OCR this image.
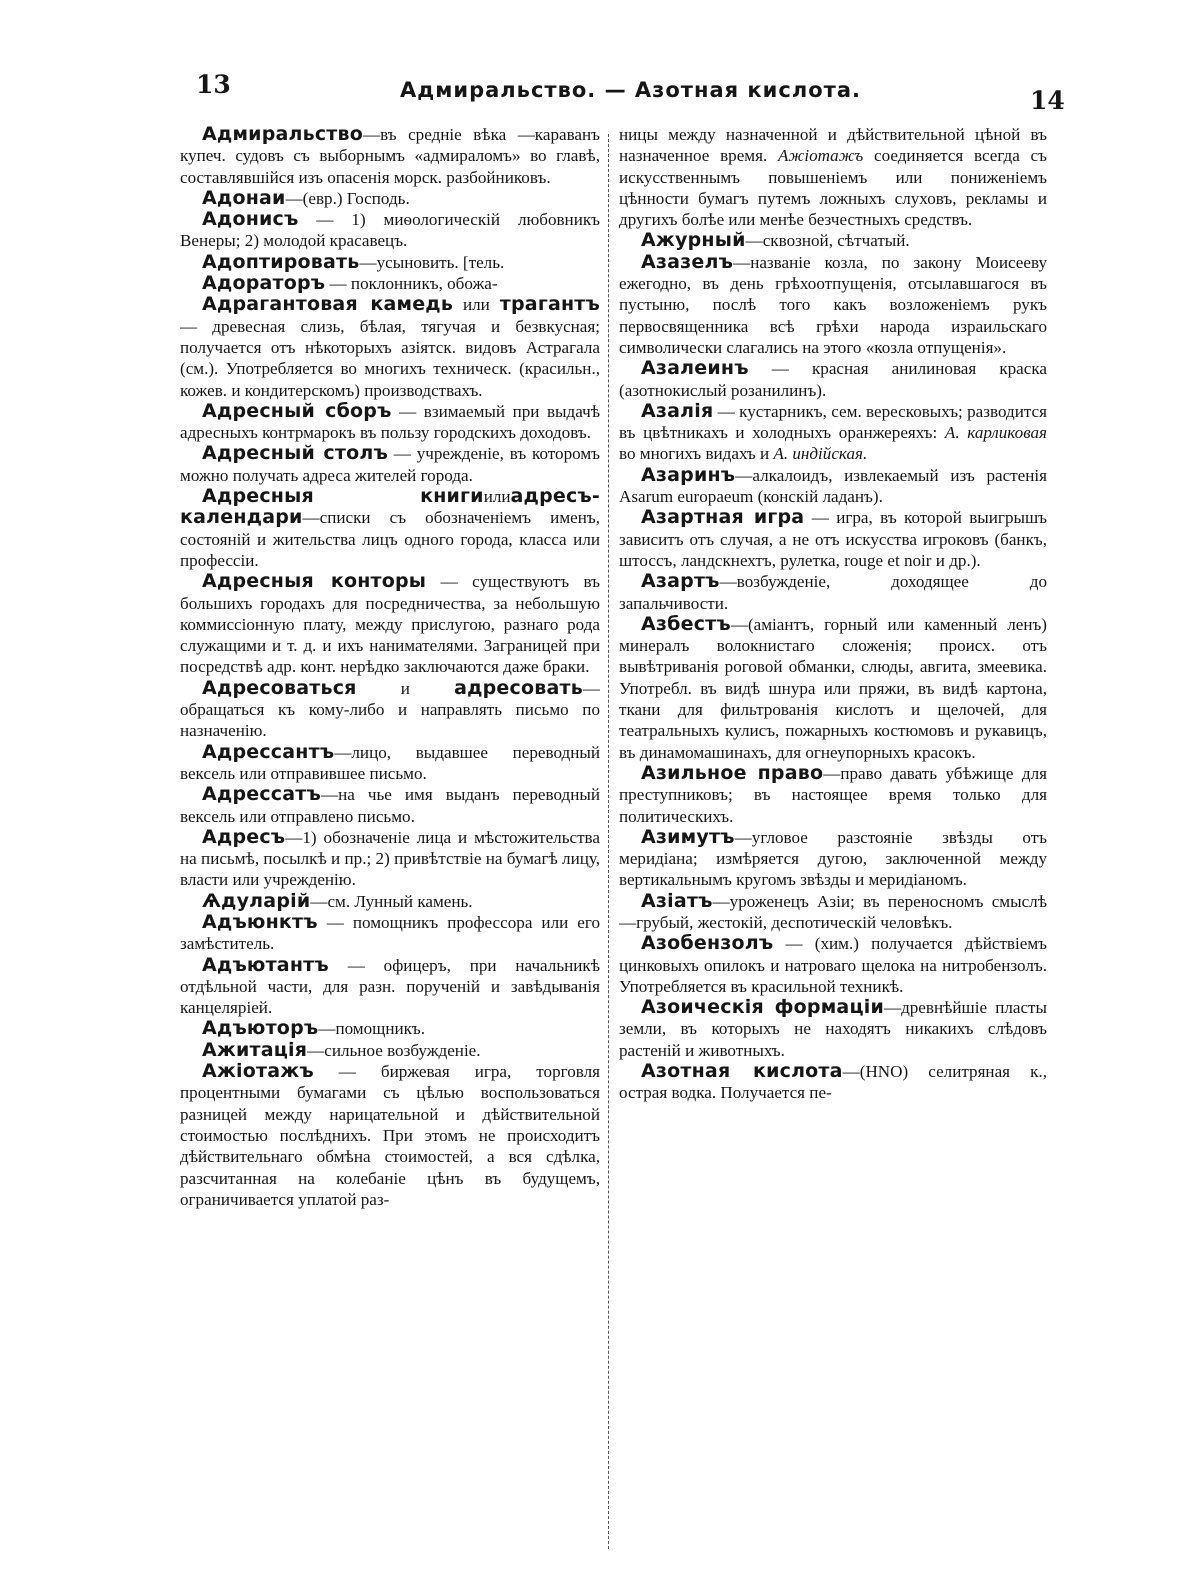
13	Адмиральство. — Азотная кислота.	14

Адмиральство—въ средніе вѣка —караванъ купеч. судовъ съ выборнымъ «адмираломъ» во главѣ, составлявшійся изъ опасенія морск. разбойниковъ.

Адонаи—(евр.) Господь.

Адонисъ — 1) миѳологическій любовникъ Венеры; 2) молодой красавецъ.

Адоптировать—усыновить. [тель.

Адораторъ — поклонникъ, обожа-

Адрагантовая камедь или трагантъ — древесная слизь, бѣлая, тягучая и безвкусная; получается отъ нѣкоторыхъ азіятск. видовъ Астрагала (см.). Употребляется во многихъ техническ. (красильн., кожев. и кондитерскомъ) производствахъ.

Адресный сборъ — взимаемый при выдачѣ адресныхъ контрмарокъ въ пользу городскихъ доходовъ.

Адресный столъ — учрежденіе, въ которомъ можно получать адреса жителей города.

Адресныя книгиилиадресъ-календари—списки съ обозначеніемъ именъ, состояній и жительства лицъ одного города, класса или профессіи.

Адресныя конторы — существуютъ въ большихъ городахъ для посредничества, за небольшую коммиссіонную плату, между прислугою, разнаго рода служащими и т. д. и ихъ нанимателями. Заграницей при посредствѣ адр. конт. нерѣдко заключаются даже браки.

Адресоваться и адресовать— обращаться къ кому-либо и направлять письмо по назначенію.

Адрессантъ—лицо, выдавшее переводный вексель или отправившее письмо.

Адрессатъ—на чье имя выданъ переводный вексель или отправлено письмо.

Адресъ—1) обозначеніе лица и мѣстожительства на письмѣ, посылкѣ и пр.; 2) привѣтствіе на бумагѣ лицу, власти или учрежденію.

Ѧдуларій—см. Лунный камень.

Адъюнктъ — помощникъ профессора или его замѣститель.

Адъютантъ — офицеръ, при начальникѣ отдѣльной части, для разн. порученій и завѣдыванія канцеляріей.

Адъюторъ—помощникъ.

Ажитація—сильное возбужденіе.

Ажіотажъ — биржевая игра, торговля процентными бумагами съ цѣлью воспользоваться разницей между нарицательной и дѣйствительной стоимостью послѣднихъ. При этомъ не происходитъ дѣйствительнаго обмѣна стоимостей, а вся сдѣлка, разсчитанная на колебаніе цѣнъ въ будущемъ, ограничивается уплатой раз-

ницы между назначенной и дѣйствительной цѣной въ назначенное время. Ажіотажъ соединяется всегда съ искусственнымъ повышеніемъ или пониженіемъ цѣнности бумагъ путемъ ложныхъ слуховъ, рекламы и другихъ болѣе или менѣе безчестныхъ средствъ.

Ажурный—сквозной, сѣтчатый.

Азазелъ—названіе козла, по закону Моисееву ежегодно, въ день грѣхоотпущенія, отсылавшагося въ пустыню, послѣ того какъ возложеніемъ рукъ первосвященника всѣ грѣхи народа израильскаго символически слагались на этого «козла отпущенія».

Азалеинъ — красная анилиновая краска (азотнокислый розанилинъ).

Азалія — кустарникъ, сем. вересковыхъ; разводится въ цвѣтникахъ и холодныхъ оранжереяхъ: А. карликовая во многихъ видахъ и А. индійская.

Азаринъ—алкалоидъ, извлекаемый изъ растенія Asarum europaeum (конскій ладанъ).

Азартная игра — игра, въ которой выигрышъ зависитъ отъ случая, а не отъ искусства игроковъ (банкъ, штоссъ, ландскнехтъ, рулетка, rouge et noir и др.).

Азартъ—возбужденіе, доходящее до запальчивости.

Азбестъ—(аміантъ, горный или каменный ленъ) минералъ волокнистаго сложенія; происх. отъ вывѣтриванія роговой обманки, слюды, авгита, змеевика. Употребл. въ видѣ шнура или пряжи, въ видѣ картона, ткани для фильтрованія кислотъ и щелочей, для театральныхъ кулисъ, пожарныхъ костюмовъ и рукавицъ, въ динамомашинахъ, для огнеупорныхъ красокъ.

Азильное право—право давать убѣжище для преступниковъ; въ настоящее время только для политическихъ.

Азимутъ—угловое разстояніе звѣзды отъ меридіана; измѣряется дугою, заключенной между вертикальнымъ кругомъ звѣзды и меридіаномъ.

Азіатъ—уроженецъ Азіи; въ переносномъ смыслѣ—грубый, жестокій, деспотическій человѣкъ.

Азобензолъ — (хим.) получается дѣйствіемъ цинковыхъ опилокъ и натроваго щелока на нитробензолъ. Употребляется въ красильной техникѣ.

Азоическія формаціи—древнѣйшіе пласты земли, въ которыхъ не находятъ никакихъ слѣдовъ растеній и животныхъ.

Азотная кислота—(HNO) селитряная к., острая водка. Получается пе-
